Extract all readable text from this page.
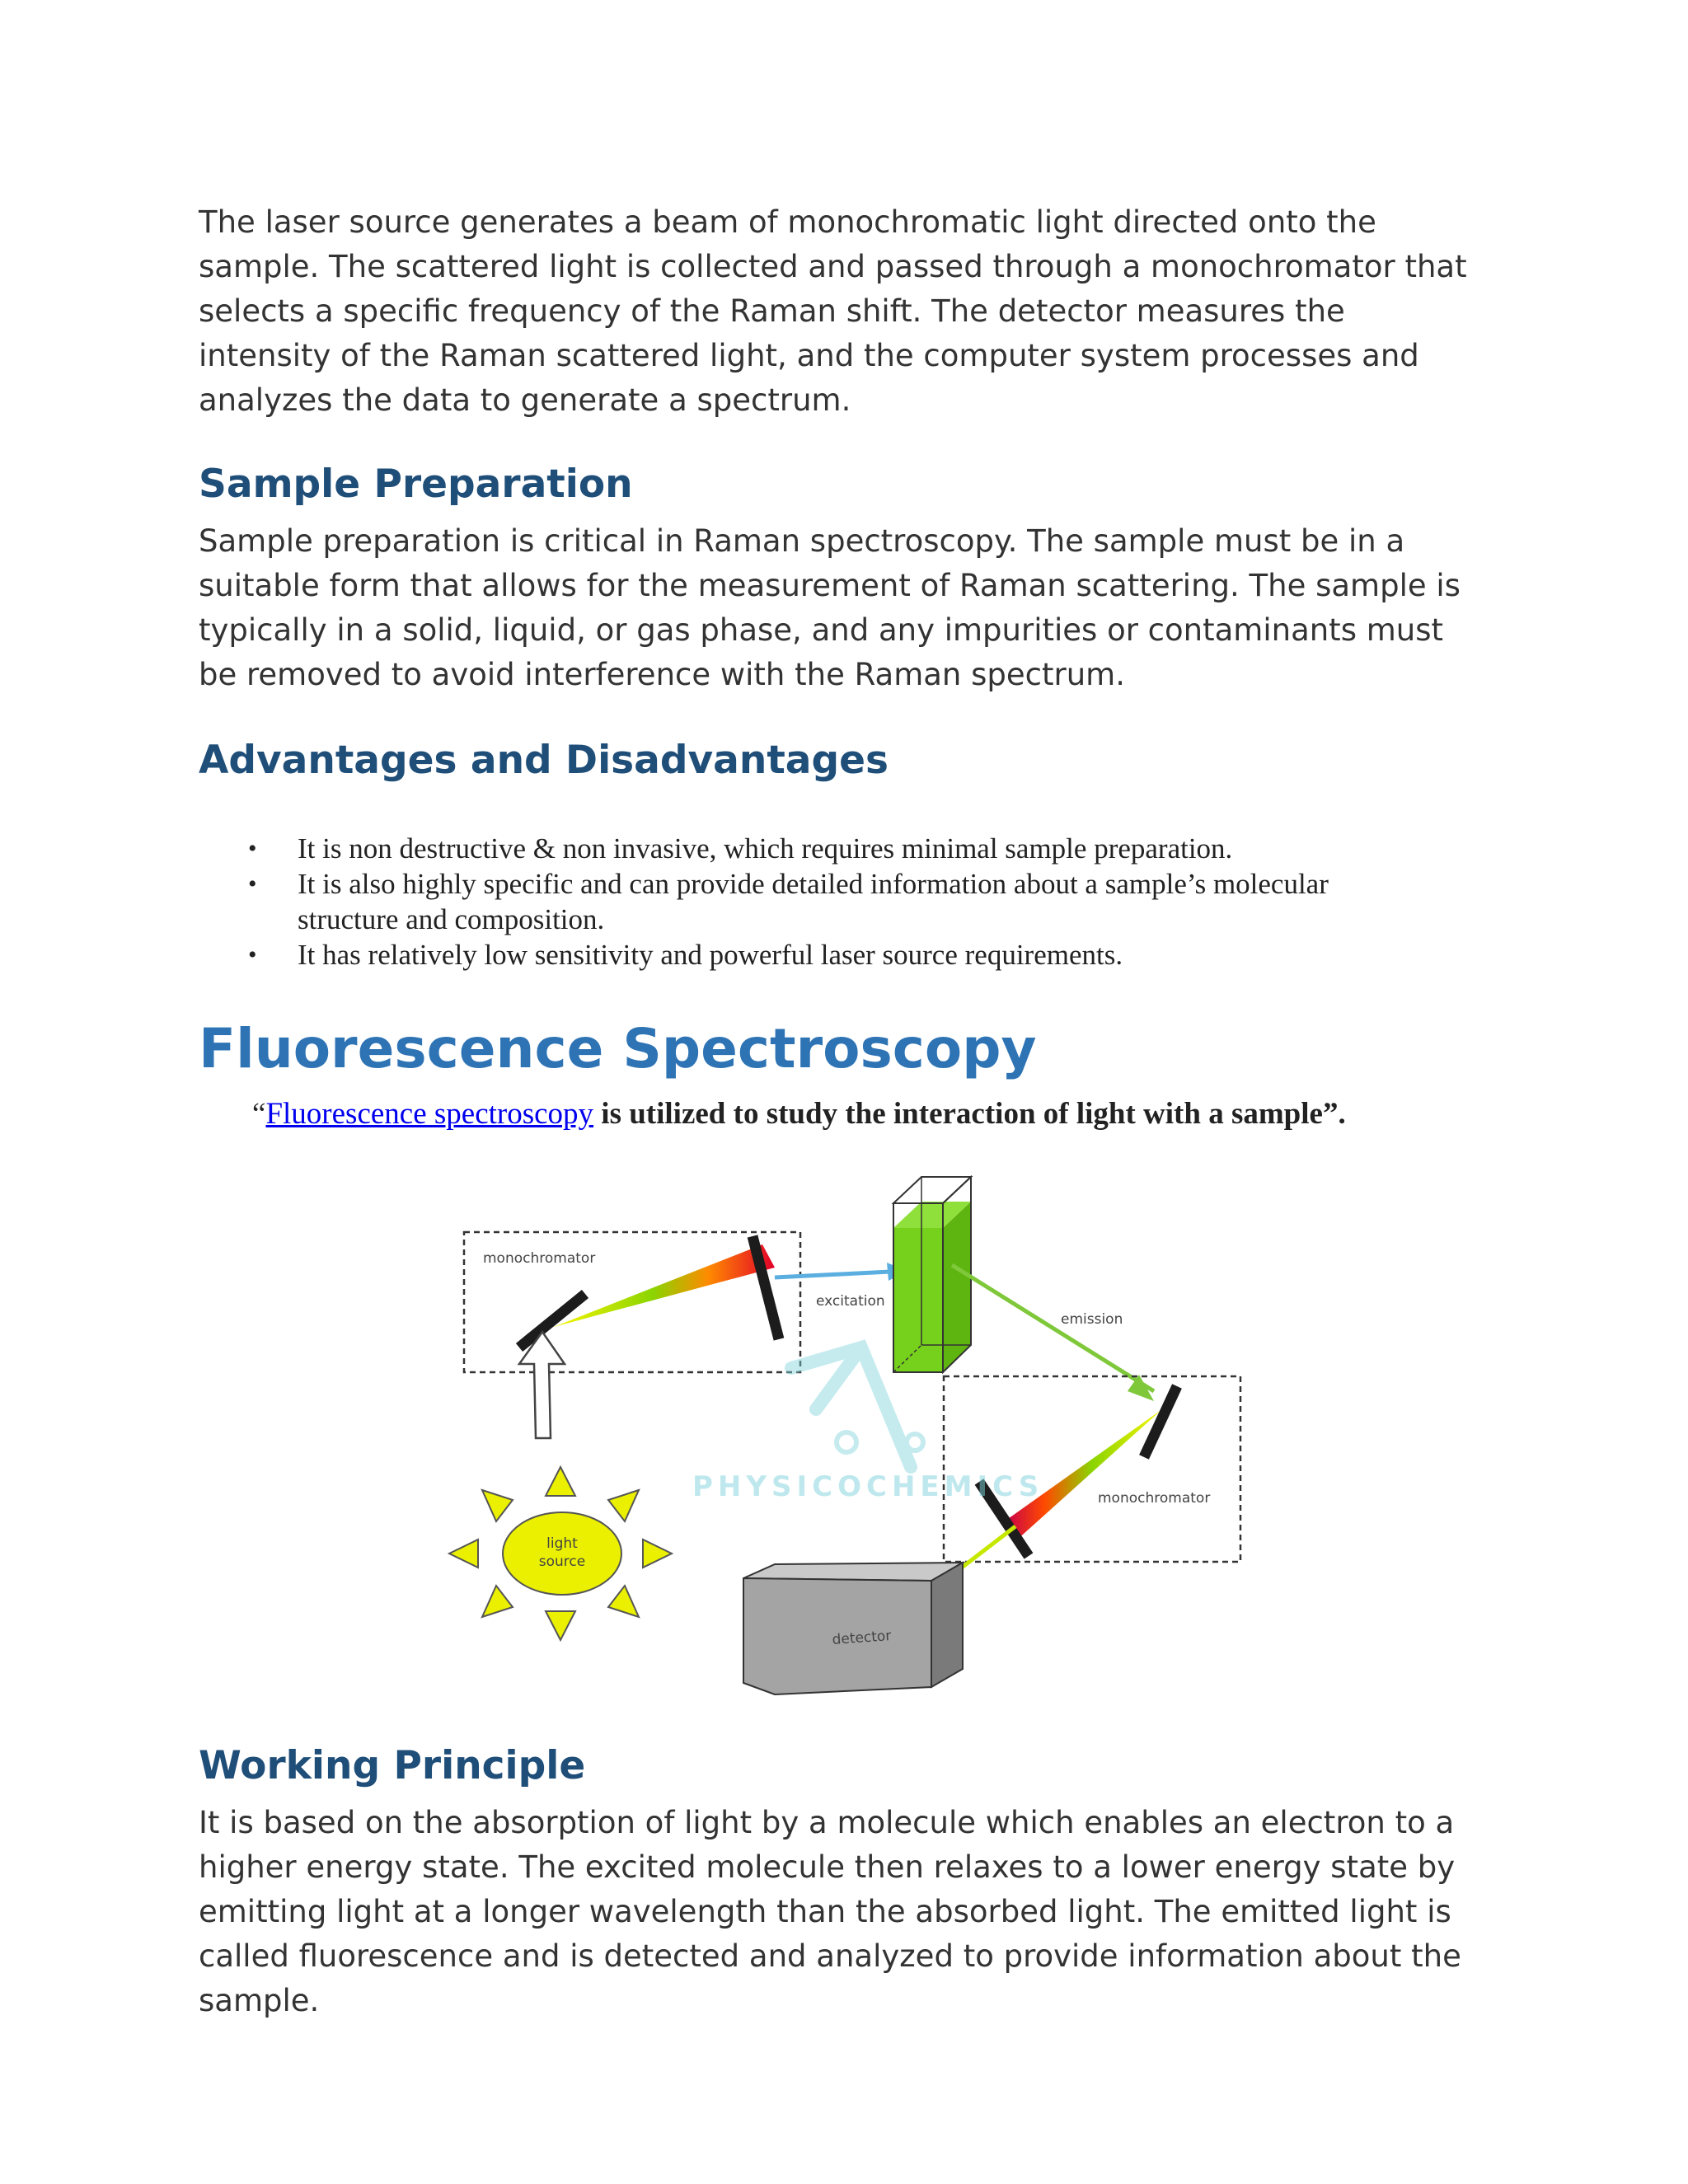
The laser source generates a beam of monochromatic light directed onto the sample. The scattered light is collected and passed through a monochromator that selects a specific frequency of the Raman shift. The detector measures the intensity of the Raman scattered light, and the computer system processes and analyzes the data to generate a spectrum.

Sample Preparation

Sample preparation is critical in Raman spectroscopy. The sample must be in a suitable form that allows for the measurement of Raman scattering. The sample is typically in a solid, liquid, or gas phase, and any impurities or contaminants must be removed to avoid interference with the Raman spectrum.

Advantages and Disadvantages
• It is non destructive & non invasive, which requires minimal sample preparation.
• It is also highly specific and can provide detailed information about a sample’s molecular structure and composition.
• It has relatively low sensitivity and powerful laser source requirements.
Fluorescence Spectroscopy

“Fluorescence spectroscopy is utilized to study the interaction of light with a sample”.

monochromator
light
source
excitation
emission
monochromator
detector
PHYSICOCHEMICS
Working Principle

It is based on the absorption of light by a molecule which enables an electron to a higher energy state. The excited molecule then relaxes to a lower energy state by emitting light at a longer wavelength than the absorbed light. The emitted light is called fluorescence and is detected and analyzed to provide information about the sample.
